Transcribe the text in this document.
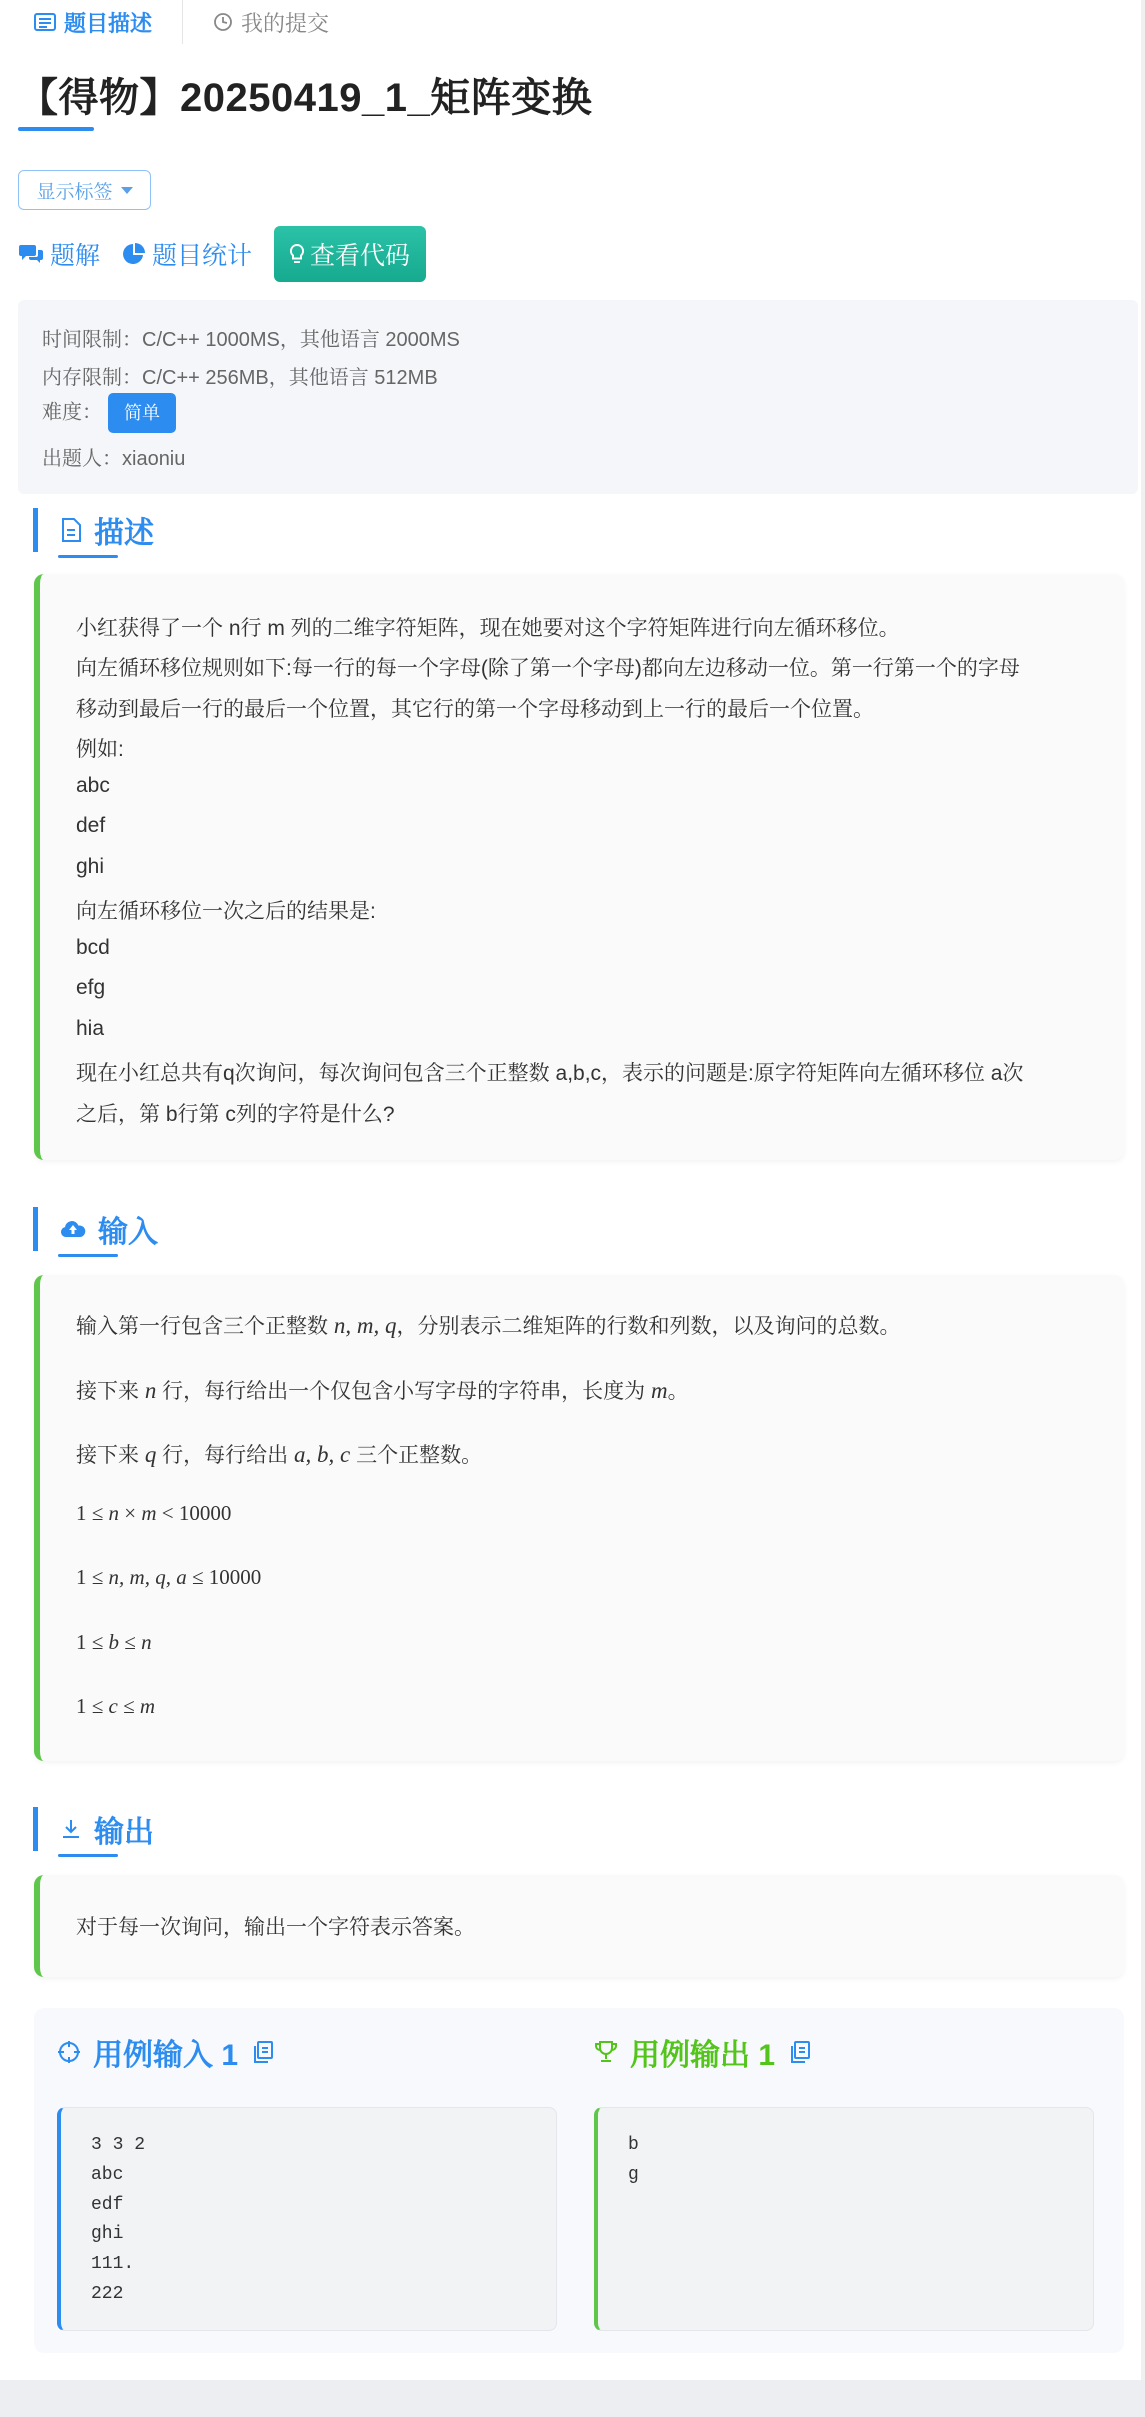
题目描述	我的提交
【得物】20250419_1_矩阵变换
显示标签
题解 题目统计 查看代码
时间限制：C/C++ 1000MS，其他语言 2000MS
内存限制：C/C++ 256MB，其他语言 512MB
难度： 简单
出题人：xiaoniu
描述
小红获得了一个 n行 m 列的二维字符矩阵，现在她要对这个字符矩阵进行向左循环移位。
向左循环移位规则如下:每一行的每一个字母(除了第一个字母)都向左边移动一位。第一行第一个的字母
移动到最后一行的最后一个位置，其它行的第一个字母移动到上一行的最后一个位置。
例如:
abc
def
ghi
向左循环移位一次之后的结果是:
bcd
efg
hia
现在小红总共有q次询问，每次询问包含三个正整数 a,b,c，表示的问题是:原字符矩阵向左循环移位 a次
之后，第 b行第 c列的字符是什么?
输入
输入第一行包含三个正整数 n, m, q，分别表示二维矩阵的行数和列数，以及询问的总数。
接下来 n 行，每行给出一个仅包含小写字母的字符串，长度为 m。
接下来 q 行，每行给出 a, b, c 三个正整数。
1 ≤ n × m < 10000
1 ≤ n, m, q, a ≤ 10000
1 ≤ b ≤ n
1 ≤ c ≤ m
输出
对于每一次询问，输出一个字符表示答案。
用例输入 1	用例输出 1
3 3 2
abc
edf
ghi
111.
222
b
g
